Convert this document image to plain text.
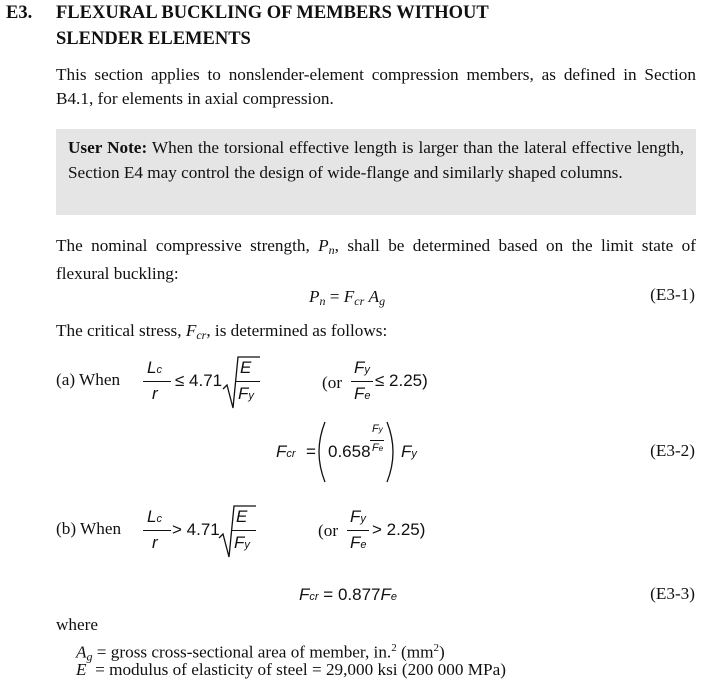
E3. FLEXURAL BUCKLING OF MEMBERS WITHOUT
SLENDER ELEMENTS
This section applies to nonslender-element compression members, as defined in Section B4.1, for elements in axial compression.
User Note: When the torsional effective length is larger than the lateral effective length, Section E4 may control the design of wide-flange and similarly shaped columns.
The nominal compressive strength, $P_n$, shall be determined based on the limit state of flexural buckling:
$P_n = F_{cr}$ $A_g$	(E3-1)
The critical stress, $F_{cr}$, is determined as follows:
(a) When
Lc
r
≤ 4.71
E
Fy
(or
Fy
Fe
≤ 2.25)
Fcr = 0.658
Fy
Fe Fy	(E3-2)
(b) When
Lc
r
> 4.71
E
Fy
(or
Fy
Fe
> 2.25)
Fcr = 0.877Fe	(E3-3)
where
$A_g$ = gross cross-sectional area of member, in.$^2$ $(mm^2)$
E  = modulus of elasticity of steel = 29,000 ksi (200 000 MPa)
